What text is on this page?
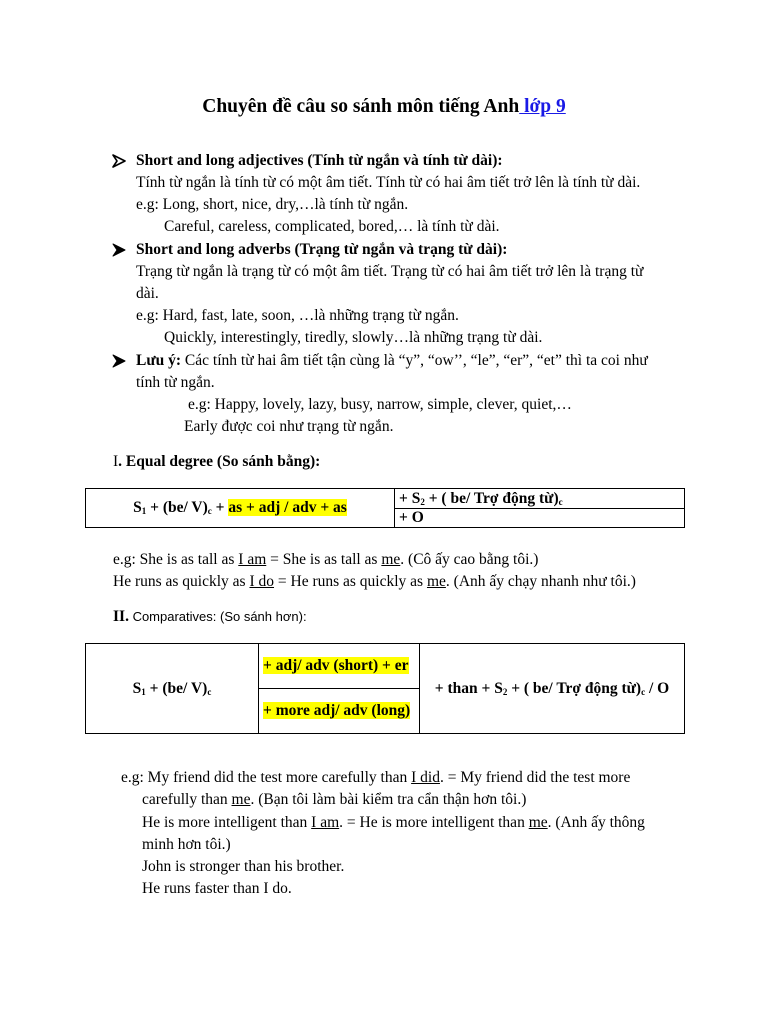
Chuyên đề câu so sánh môn tiếng Anh lớp 9
Short and long adjectives (Tính từ ngắn và tính từ dài):
Tính từ ngắn là tính từ có một âm tiết. Tính từ có hai âm tiết trở lên là tính từ dài.
e.g: Long, short, nice, dry,…là tính từ ngắn.
Careful, careless, complicated, bored,… là tính từ dài.
Short and long adverbs (Trạng từ ngắn và trạng từ dài):
Trạng từ ngắn là trạng từ có một âm tiết. Trạng từ có hai âm tiết trở lên là trạng từ
dài.
e.g: Hard, fast, late, soon, …là những trạng từ ngắn.
Quickly, interestingly, tiredly, slowly…là những trạng từ dài.
Lưu ý: Các tính từ hai âm tiết tận cùng là “y”, “ow’’, “le”, “er”, “et” thì ta coi như
tính từ ngắn.
e.g: Happy, lovely, lazy, busy, narrow, simple, clever, quiet,…
Early được coi như trạng từ ngắn.
I. Equal degree (So sánh bằng):
$S_1 + (be/$ $V)_c$ + as + adj / adv + as	+ $S_2$ + ( be/ Trợ động $từ)_c$
+ O
e.g: She is as tall as I am = She is as tall as me. (Cô ấy cao bằng tôi.)
He runs as quickly as I do = He runs as quickly as me. (Anh ấy chạy nhanh như tôi.)
II. Comparatives: (So sánh hơn):
$S_1 + (be/$ $V)_c$	+ adj/ adv (short) + er	+ than + $S_2$ + ( be/ Trợ động $từ)_c$ / O
+ more adj/ adv (long)
e.g: My friend did the test more carefully than I did. = My friend did the test more
carefully than me. (Bạn tôi làm bài kiểm tra cẩn thận hơn tôi.)
He is more intelligent than I am. = He is more intelligent than me. (Anh ấy thông
minh hơn tôi.)
John is stronger than his brother.
He runs faster than I do.
